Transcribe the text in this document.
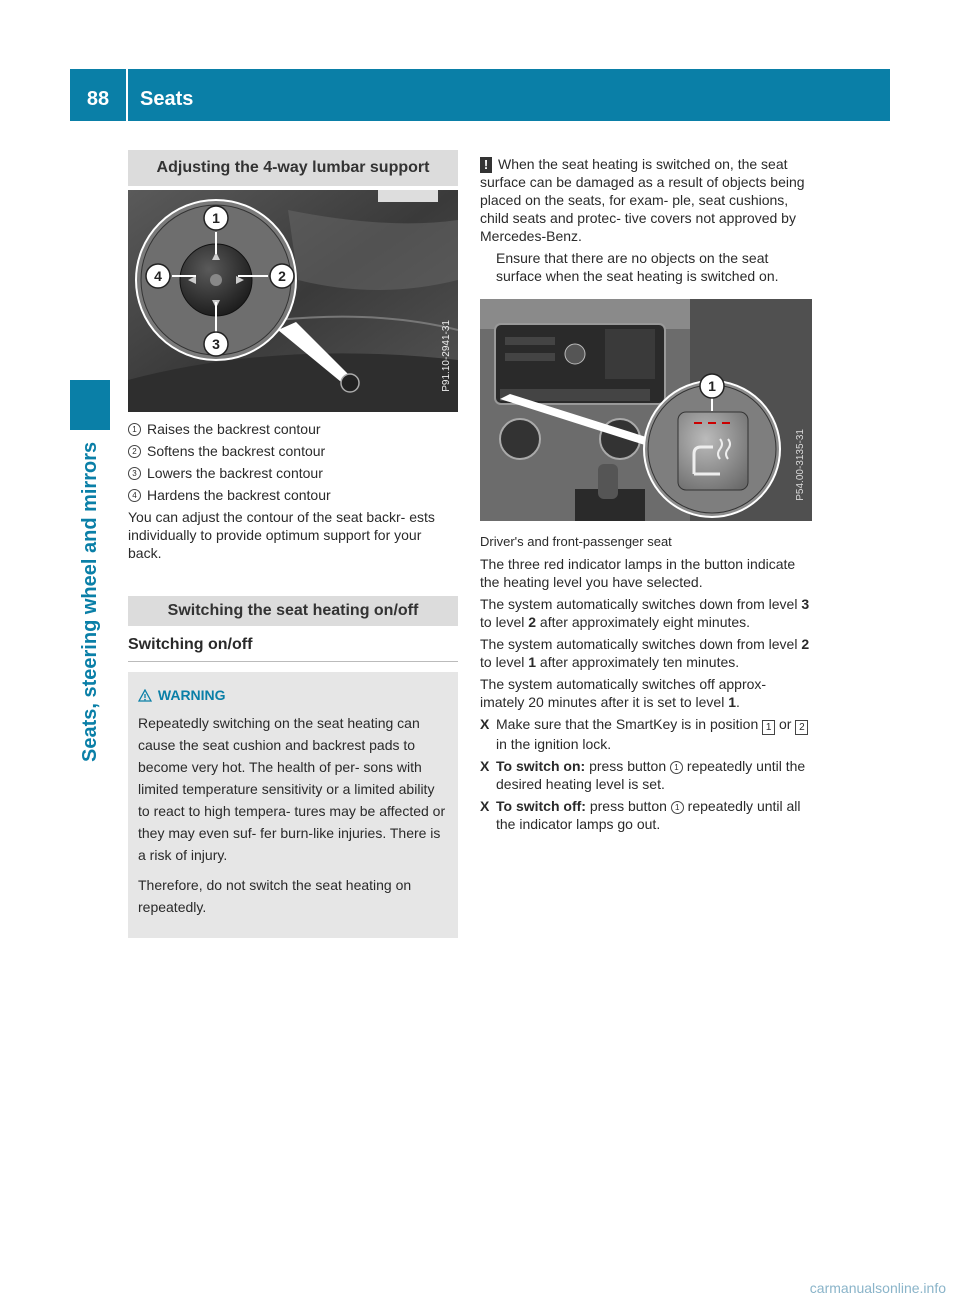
88	Seats
Seats, steering wheel and mirrors
Adjusting the 4-way lumbar support
1
2
3
4
P91.10-2941-31
1 Raises the backrest contour
2 Softens the backrest contour
3 Lowers the backrest contour
4 Hardens the backrest contour

You can adjust the contour of the seat backr- ests individually to provide optimum support for your back.

Switching the seat heating on/off
Switching on/off
WARNING

Repeatedly switching on the seat heating can cause the seat cushion and backrest pads to become very hot. The health of per- sons with limited temperature sensitivity or a limited ability to react to high tempera- tures may be affected or they may even suf- fer burn-like injuries. There is a risk of injury.

Therefore, do not switch the seat heating on repeatedly.

! When the seat heating is switched on, the seat surface can be damaged as a result of objects being placed on the seats, for exam- ple, seat cushions, child seats and protec- tive covers not approved by Mercedes-Benz.

Ensure that there are no objects on the seat surface when the seat heating is switched on.

1
P54.00-3135-31

Driver's and front-passenger seat

The three red indicator lamps in the button indicate the heating level you have selected.

The system automatically switches down from level 3 to level 2 after approximately eight minutes.

The system automatically switches down from level 2 to level 1 after approximately ten minutes.

The system automatically switches off approx- imately 20 minutes after it is set to level 1.

X Make sure that the SmartKey is in position 1 or 2 in the ignition lock.
X To switch on: press button 1 repeatedly until the desired heating level is set.
X To switch off: press button 1 repeatedly until all the indicator lamps go out.
carmanualsonline.info
